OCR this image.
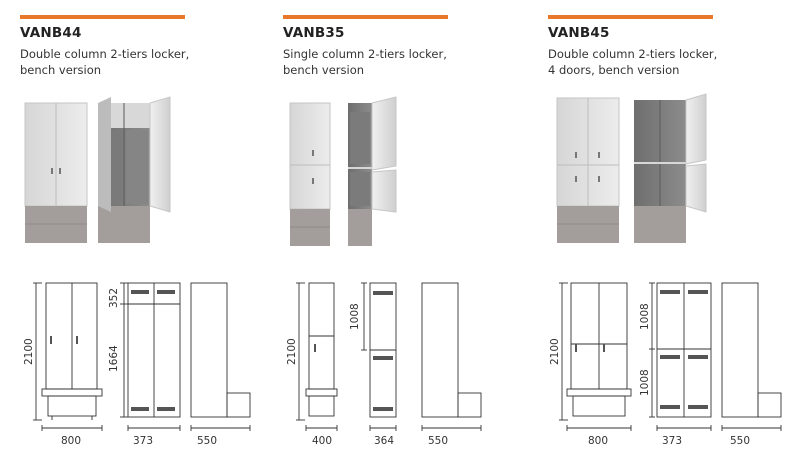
VANB44
Double column 2-tiers locker,
bench version
VANB35
Single column 2-tiers locker,
bench version
VANB45
Double column 2-tiers locker,
4 doors, bench version
2100
800
352
1664
373	550
2100
400
1008
364	550
2100
800
1008
1008
373	550
